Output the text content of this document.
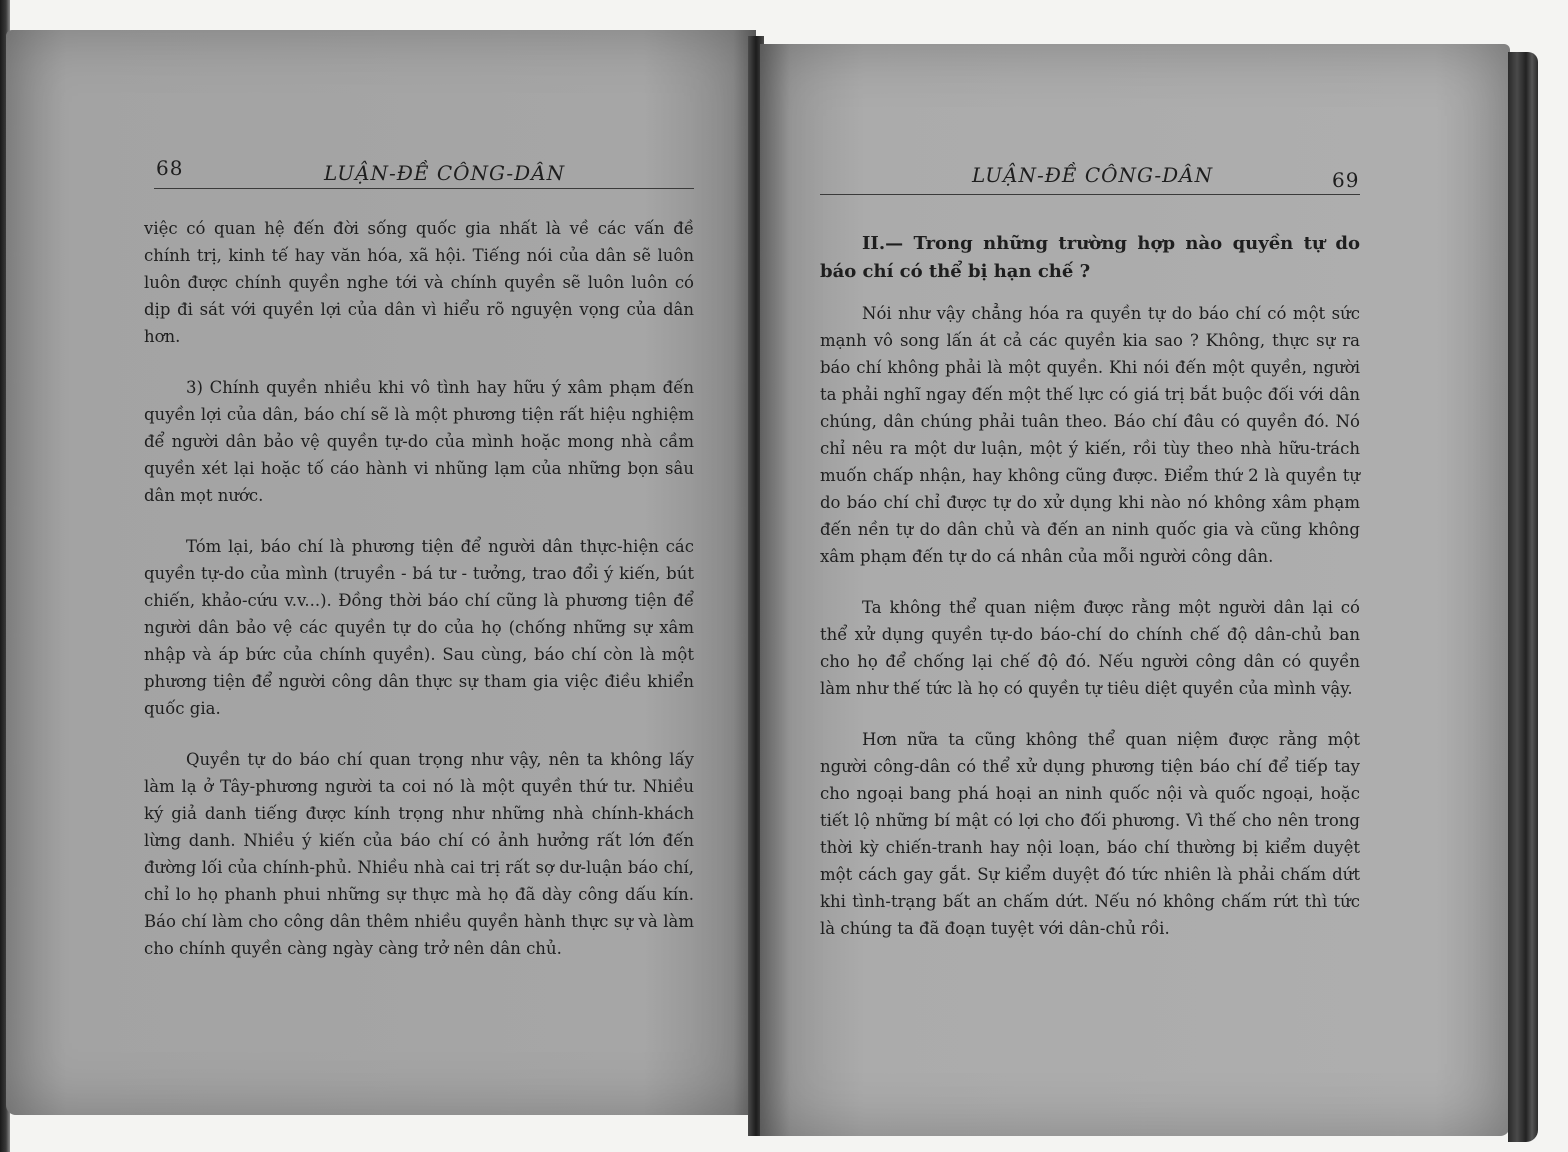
68	LUẬN-ĐỀ CÔNG-DÂN

việc có quan hệ đến đời sống quốc gia nhất là về các vấn đề chính trị, kinh tế hay văn hóa, xã hội. Tiếng nói của dân sẽ luôn luôn được chính quyền nghe tới và chính quyền sẽ luôn luôn có dịp đi sát với quyền lợi của dân vì hiểu rõ nguyện vọng của dân hơn.

3) Chính quyền nhiều khi vô tình hay hữu ý xâm phạm đến quyền lợi của dân, báo chí sẽ là một phương tiện rất hiệu nghiệm để người dân bảo vệ quyền tự-do của mình hoặc mong nhà cầm quyền xét lại hoặc tố cáo hành vi nhũng lạm của những bọn sâu dân mọt nước.

Tóm lại, báo chí là phương tiện để người dân thực-hiện các quyền tự-do của mình (truyền - bá tư - tưởng, trao đổi ý kiến, bút chiến, khảo-cứu v.v...). Đồng thời báo chí cũng là phương tiện để người dân bảo vệ các quyền tự do của họ (chống những sự xâm nhập và áp bức của chính quyền). Sau cùng, báo chí còn là một phương tiện để người công dân thực sự tham gia việc điều khiển quốc gia.

Quyền tự do báo chí quan trọng như vậy, nên ta không lấy làm lạ ở Tây-phương người ta coi nó là một quyền thứ tư. Nhiều ký giả danh tiếng được kính trọng như những nhà chính-khách lừng danh. Nhiều ý kiến của báo chí có ảnh hưởng rất lớn đến đường lối của chính-phủ. Nhiều nhà cai trị rất sợ dư-luận báo chí, chỉ lo họ phanh phui những sự thực mà họ đã dày công dấu kín. Báo chí làm cho công dân thêm nhiều quyền hành thực sự và làm cho chính quyền càng ngày càng trở nên dân chủ.

LUẬN-ĐỀ CÔNG-DÂN	69
II.— Trong những trường hợp nào quyền tự do báo chí có thể bị hạn chế ?

Nói như vậy chẳng hóa ra quyền tự do báo chí có một sức mạnh vô song lấn át cả các quyền kia sao ? Không, thực sự ra báo chí không phải là một quyền. Khi nói đến một quyền, người ta phải nghĩ ngay đến một thế lực có giá trị bắt buộc đối với dân chúng, dân chúng phải tuân theo. Báo chí đâu có quyền đó. Nó chỉ nêu ra một dư luận, một ý kiến, rồi tùy theo nhà hữu-trách muốn chấp nhận, hay không cũng được. Điểm thứ 2 là quyền tự do báo chí chỉ được tự do xử dụng khi nào nó không xâm phạm đến nền tự do dân chủ và đến an ninh quốc gia và cũng không xâm phạm đến tự do cá nhân của mỗi người công dân.

Ta không thể quan niệm được rằng một người dân lại có thể xử dụng quyền tự-do báo-chí do chính chế độ dân-chủ ban cho họ để chống lại chế độ đó. Nếu người công dân có quyền làm như thế tức là họ có quyền tự tiêu diệt quyền của mình vậy.

Hơn nữa ta cũng không thể quan niệm được rằng một người công-dân có thể xử dụng phương tiện báo chí để tiếp tay cho ngoại bang phá hoại an ninh quốc nội và quốc ngoại, hoặc tiết lộ những bí mật có lợi cho đối phương. Vì thế cho nên trong thời kỳ chiến-tranh hay nội loạn, báo chí thường bị kiểm duyệt một cách gay gắt. Sự kiểm duyệt đó tức nhiên là phải chấm dứt khi tình-trạng bất an chấm dứt. Nếu nó không chấm rứt thì tức là chúng ta đã đoạn tuyệt với dân-chủ rồi.
